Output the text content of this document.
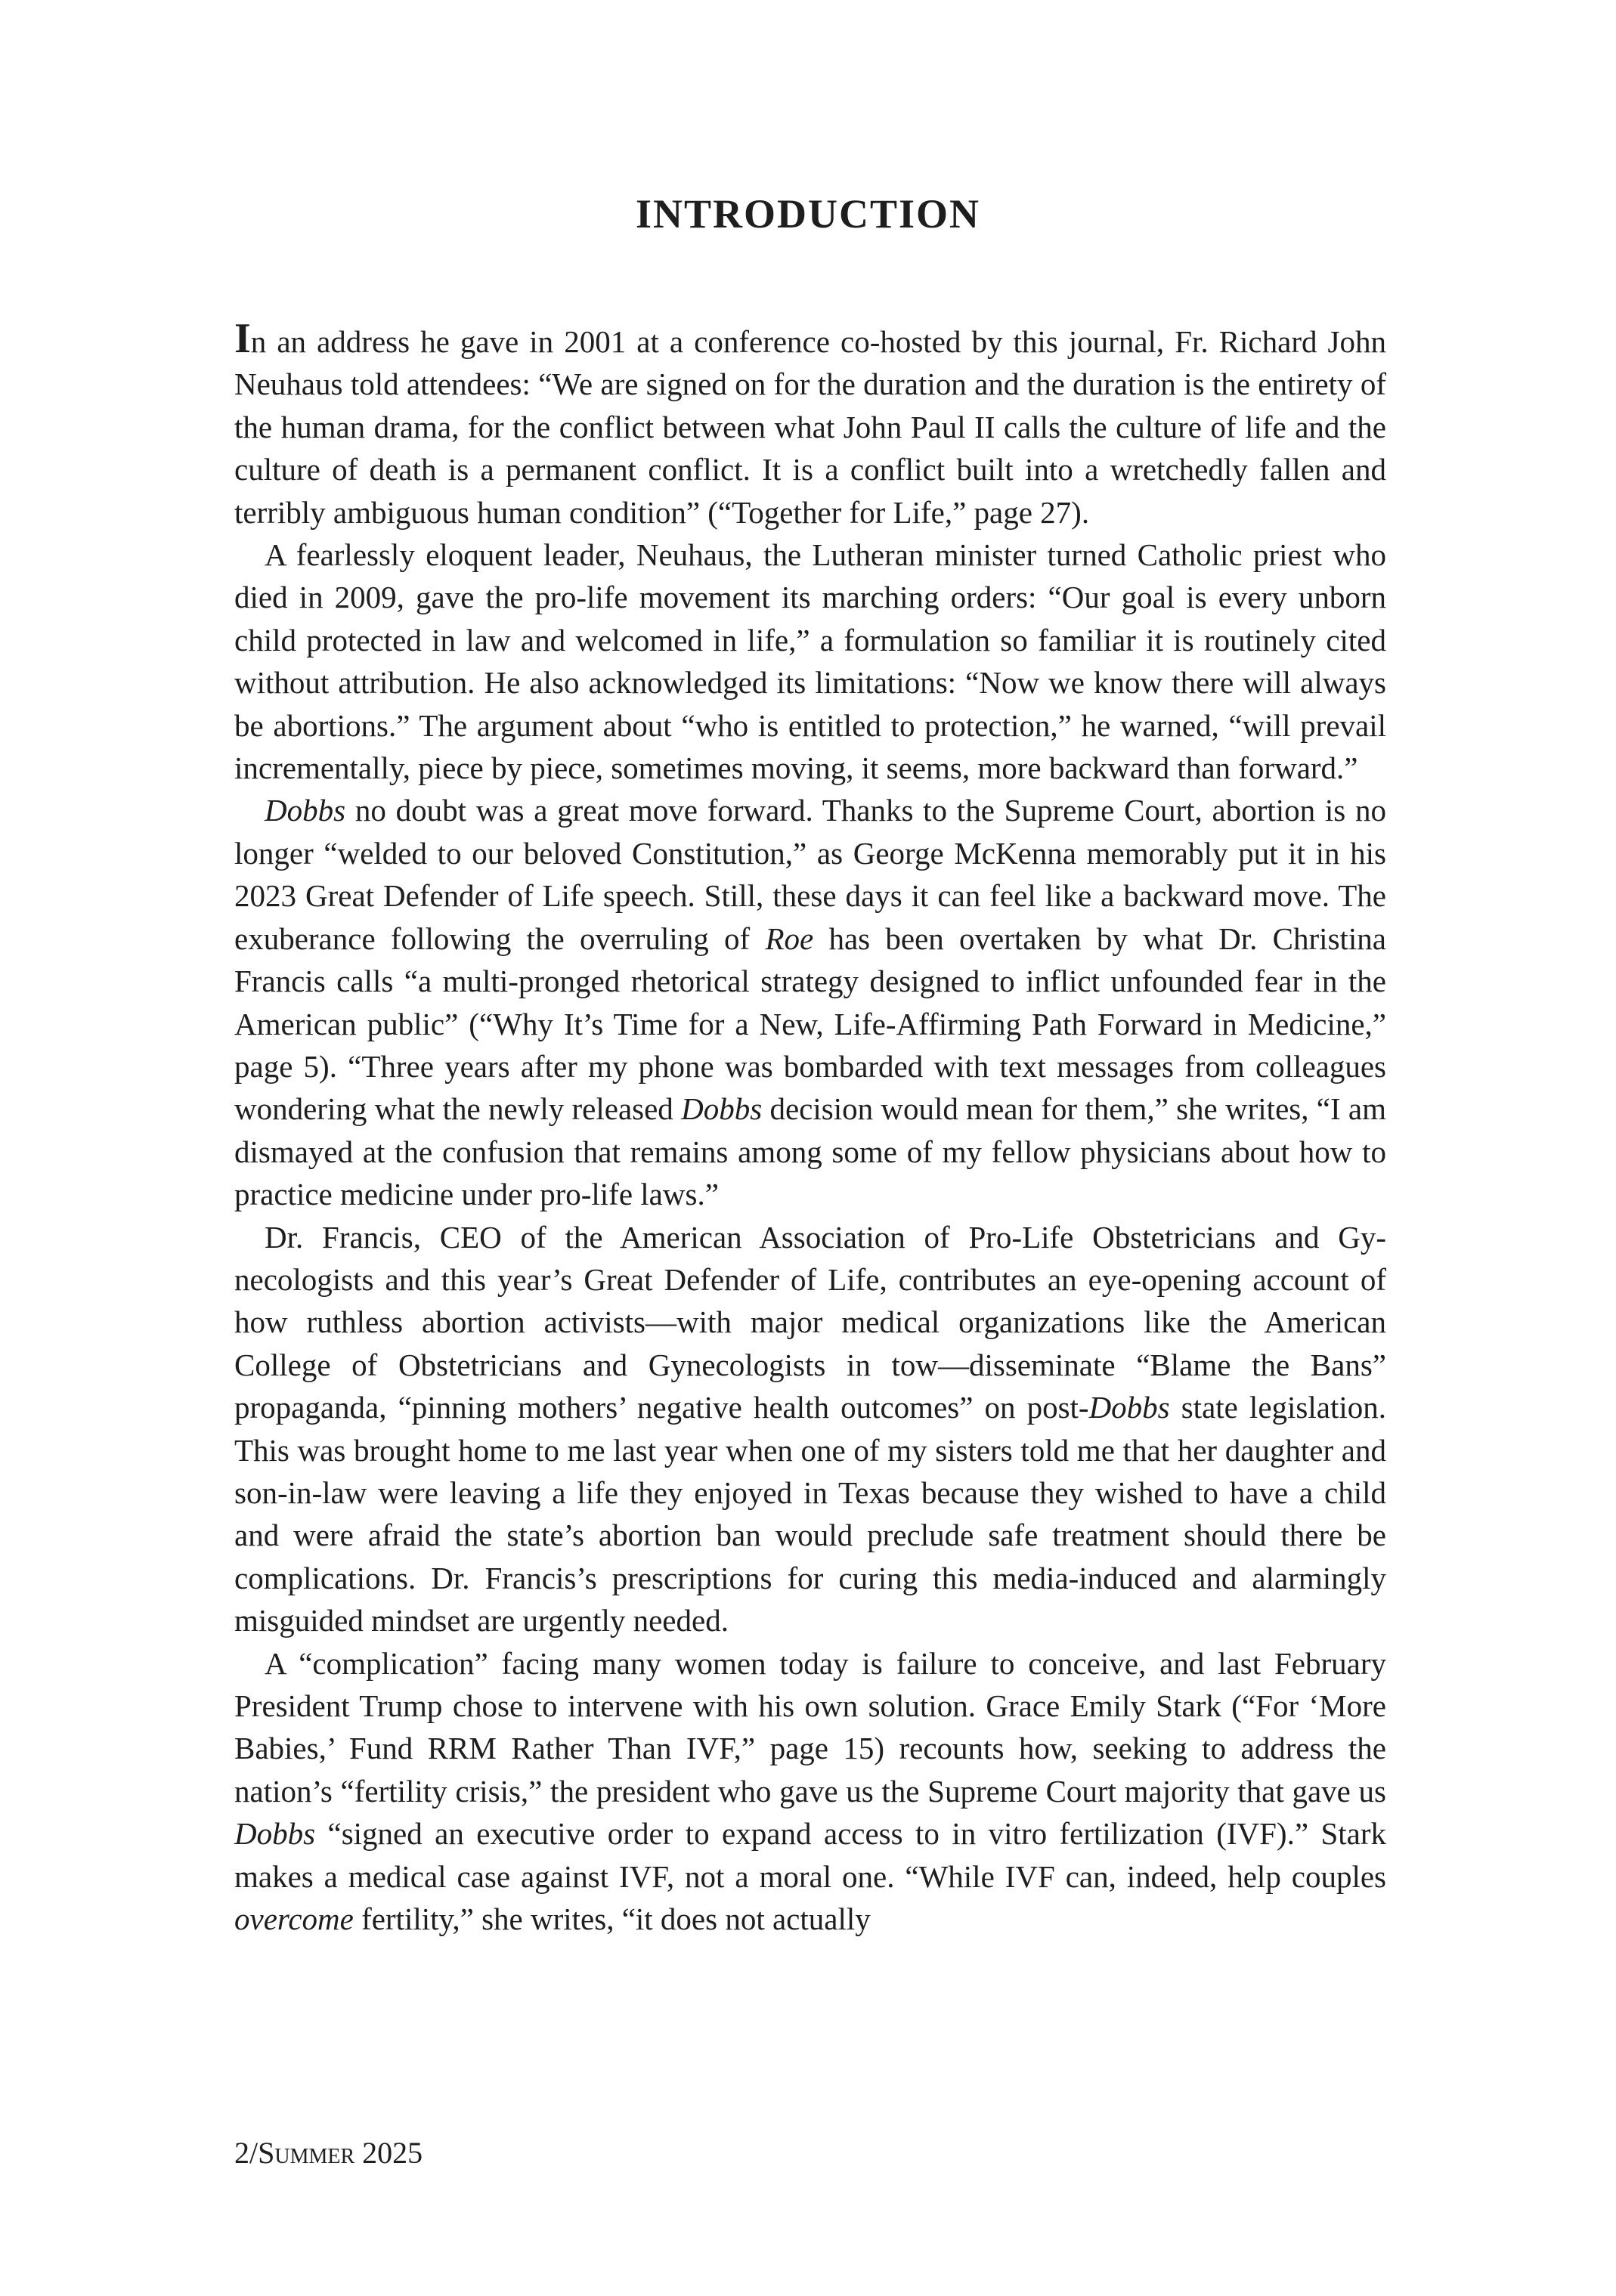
INTRODUCTION

In an address he gave in 2001 at a conference co-hosted by this journal, Fr. Richard John Neuhaus told attendees: “We are signed on for the duration and the duration is the entirety of the human drama, for the conflict between what John Paul II calls the culture of life and the culture of death is a permanent conflict. It is a conflict built into a wretchedly fallen and terribly ambiguous human condition” (“Together for Life,” page 27).

A fearlessly eloquent leader, Neuhaus, the Lutheran minister turned Catholic priest who died in 2009, gave the pro-life movement its marching orders: “Our goal is every unborn child protected in law and welcomed in life,” a formulation so familiar it is routinely cited without attribution. He also acknowledged its limitations: “Now we know there will always be abortions.” The argument about “who is entitled to protection,” he warned, “will prevail incrementally, piece by piece, sometimes moving, it seems, more backward than forward.”

Dobbs no doubt was a great move forward. Thanks to the Supreme Court, abortion is no longer “welded to our beloved Constitution,” as George McKenna memorably put it in his 2023 Great Defender of Life speech. Still, these days it can feel like a backward move. The exuberance following the overruling of Roe has been overtaken by what Dr. Christina Francis calls “a multi-pronged rhetorical strategy designed to inflict unfounded fear in the American public” (“Why It’s Time for a New, Life-Affirming Path Forward in Medicine,” page 5). “Three years after my phone was bombarded with text messages from colleagues wondering what the newly released Dobbs decision would mean for them,” she writes, “I am dismayed at the confusion that remains among some of my fellow physicians about how to practice medicine under pro-life laws.”

Dr. Francis, CEO of the American Association of Pro-Life Obstetricians and Gynecologists and this year’s Great Defender of Life, contributes an eye-opening account of how ruthless abortion activists—with major medical organizations like the American College of Obstetricians and Gynecologists in tow—disseminate “Blame the Bans” propaganda, “pinning mothers’ negative health outcomes” on post-Dobbs state legislation. This was brought home to me last year when one of my sisters told me that her daughter and son-in-law were leaving a life they enjoyed in Texas because they wished to have a child and were afraid the state’s abortion ban would preclude safe treatment should there be complications. Dr. Francis’s prescriptions for curing this media-induced and alarmingly misguided mindset are urgently needed.

A “complication” facing many women today is failure to conceive, and last February President Trump chose to intervene with his own solution. Grace Emily Stark (“For ‘More Babies,’ Fund RRM Rather Than IVF,” page 15) recounts how, seeking to address the nation’s “fertility crisis,” the president who gave us the Supreme Court majority that gave us Dobbs “signed an executive order to expand access to in vitro fertilization (IVF).” Stark makes a medical case against IVF, not a moral one. “While IVF can, indeed, help couples overcome fertility,” she writes, “it does not actually

2/Summer 2025
